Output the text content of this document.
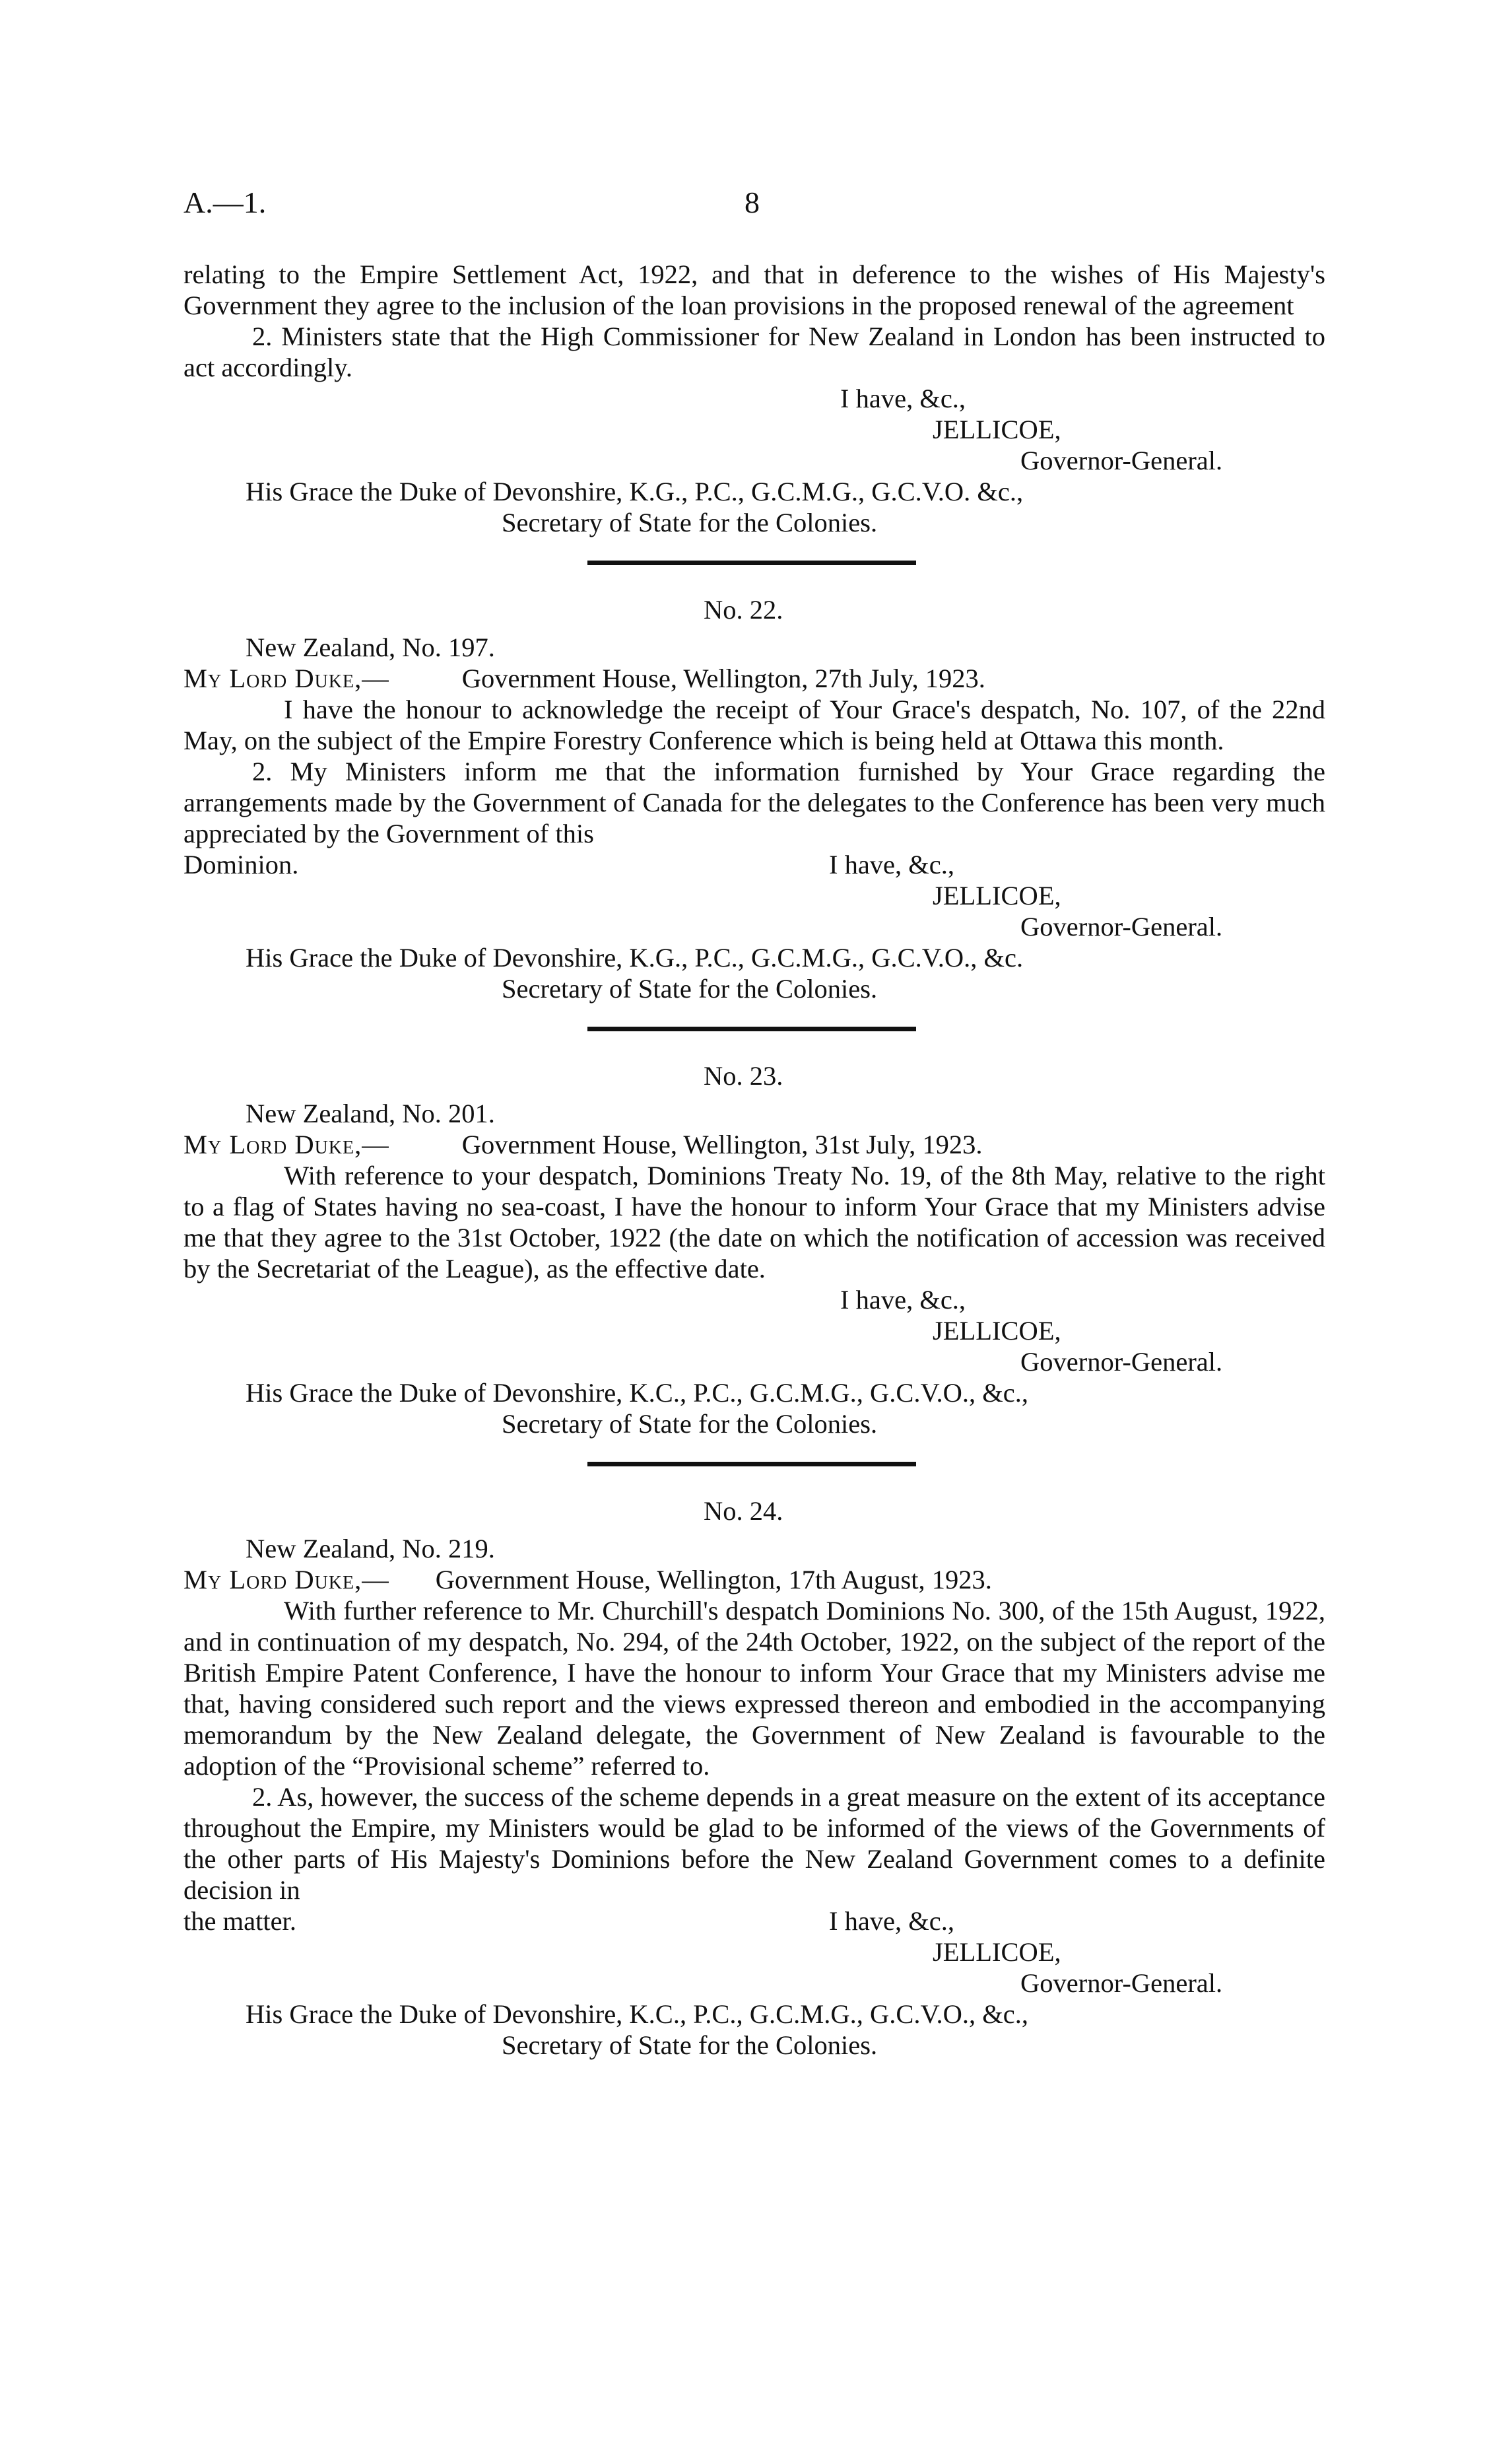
A.—1.	8

relating to the Empire Settlement Act, 1922, and that in deference to the wishes of His Majesty's Government they agree to the inclusion of the loan provisions in the proposed renewal of the agreement

2. Ministers state that the High Commissioner for New Zealand in London has been instructed to act accordingly.

I have, &c.,
JELLICOE,
Governor-General.
His Grace the Duke of Devonshire, K.G., P.C., G.C.M.G., G.C.V.O. &c.,
Secretary of State for the Colonies.
No. 22.
New Zealand, No. 197.
My Lord Duke,—	Government House, Wellington, 27th July, 1923.

I have the honour to acknowledge the receipt of Your Grace's despatch, No. 107, of the 22nd May, on the subject of the Empire Forestry Conference which is being held at Ottawa this month.

2. My Ministers inform me that the information furnished by Your Grace regarding the arrangements made by the Government of Canada for the delegates to the Conference has been very much appreciated by the Government of this

Dominion.	I have, &c.,
JELLICOE,
Governor-General.
His Grace the Duke of Devonshire, K.G., P.C., G.C.M.G., G.C.V.O., &c.
Secretary of State for the Colonies.
No. 23.
New Zealand, No. 201.
My Lord Duke,—	Government House, Wellington, 31st July, 1923.

With reference to your despatch, Dominions Treaty No. 19, of the 8th May, relative to the right to a flag of States having no sea-coast, I have the honour to inform Your Grace that my Ministers advise me that they agree to the 31st October, 1922 (the date on which the notification of accession was received by the Secretariat of the League), as the effective date.

I have, &c.,
JELLICOE,
Governor-General.
His Grace the Duke of Devonshire, K.C., P.C., G.C.M.G., G.C.V.O., &c.,
Secretary of State for the Colonies.
No. 24.
New Zealand, No. 219.
My Lord Duke,— Government House, Wellington, 17th August, 1923.

With further reference to Mr. Churchill's despatch Dominions No. 300, of the 15th August, 1922, and in continuation of my despatch, No. 294, of the 24th October, 1922, on the subject of the report of the British Empire Patent Conference, I have the honour to inform Your Grace that my Ministers advise me that, having considered such report and the views expressed thereon and embodied in the accompanying memorandum by the New Zealand delegate, the Government of New Zealand is favourable to the adoption of the “Provisional scheme” referred to.

2. As, however, the success of the scheme depends in a great measure on the extent of its acceptance throughout the Empire, my Ministers would be glad to be informed of the views of the Governments of the other parts of His Majesty's Dominions before the New Zealand Government comes to a definite decision in

the matter.	I have, &c.,
JELLICOE,
Governor-General.
His Grace the Duke of Devonshire, K.C., P.C., G.C.M.G., G.C.V.O., &c.,
Secretary of State for the Colonies.
